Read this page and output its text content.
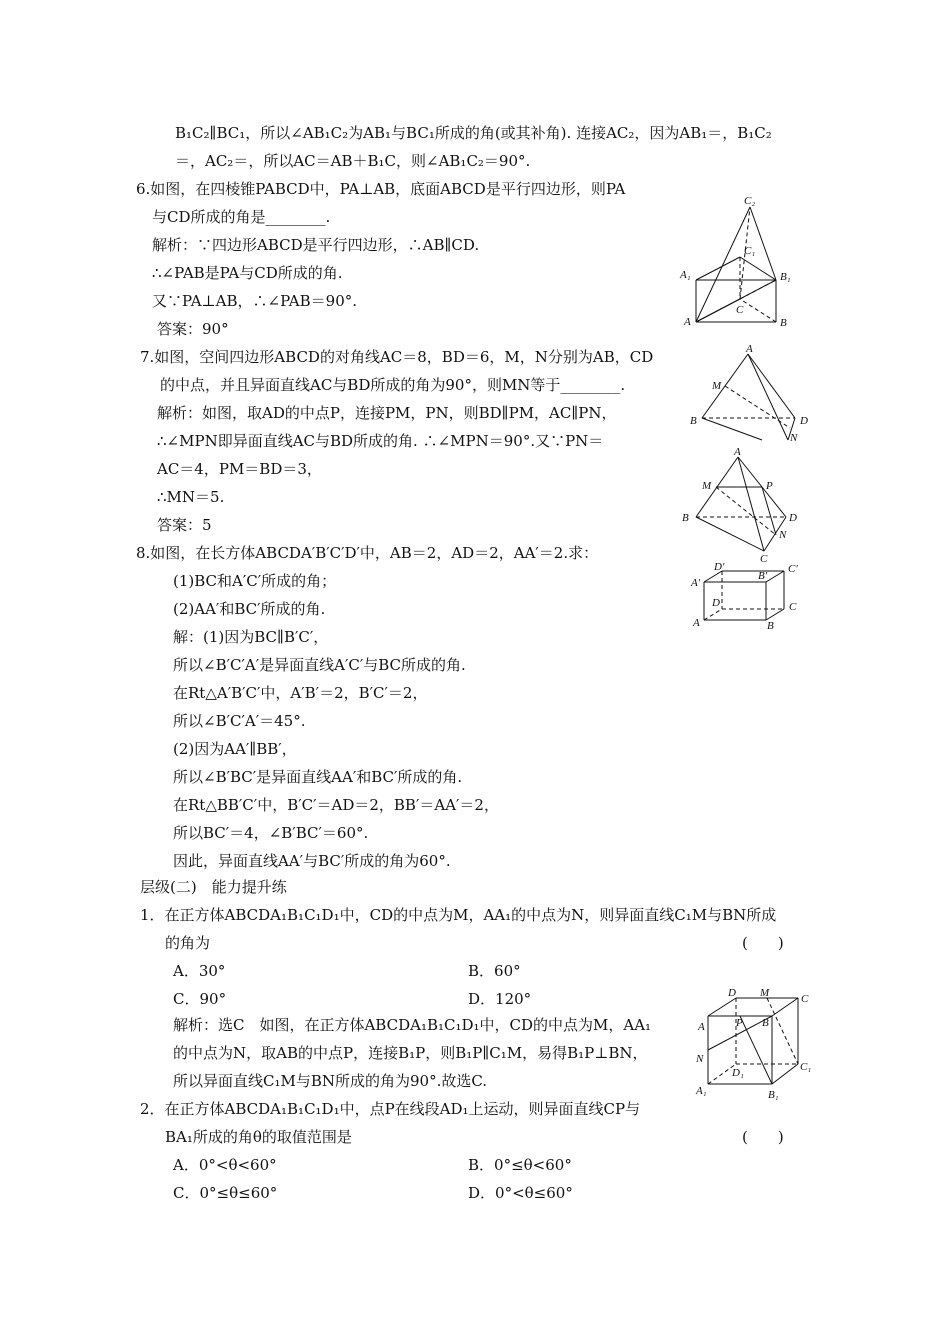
B₁C₂∥BC₁，所以∠AB₁C₂为AB₁与BC₁所成的角(或其补角). 连接AC₂，因为AB₁＝，B₁C₂
＝，AC₂＝，所以AC＝AB＋B₁C，则∠AB₁C₂＝90°.
6.如图，在四棱锥PABCD中，PA⊥AB，底面ABCD是平行四边形，则PA
与CD所成的角是________.
解析：∵四边形ABCD是平行四边形，∴AB∥CD.
∴∠PAB是PA与CD所成的角.
又∵PA⊥AB，∴∠PAB＝90°.
答案：90°
7.如图，空间四边形ABCD的对角线AC＝8，BD＝6，M，N分别为AB，CD
的中点，并且异面直线AC与BD所成的角为90°，则MN等于________.
解析：如图，取AD的中点P，连接PM，PN，则BD∥PM，AC∥PN，
∴∠MPN即异面直线AC与BD所成的角. ∴∠MPN＝90°.又∵PN＝
AC＝4，PM＝BD＝3，
∴MN＝5.
答案：5
8.如图，在长方体ABCDA′B′C′D′中，AB＝2，AD＝2，AA′＝2.求：
(1)BC和A′C′所成的角；
(2)AA′和BC′所成的角.
解：(1)因为BC∥B′C′，
所以∠B′C′A′是异面直线A′C′与BC所成的角.
在Rt△A′B′C′中，A′B′＝2，B′C′＝2，
所以∠B′C′A′＝45°.
(2)因为AA′∥BB′，
所以∠B′BC′是异面直线AA′和BC′所成的角.
在Rt△BB′C′中，B′C′＝AD＝2，BB′＝AA′＝2，
所以BC′＝4，∠B′BC′＝60°.
因此，异面直线AA′与BC′所成的角为60°.
层级(二)　能力提升练
1．在正方体ABCDA₁B₁C₁D₁中，CD的中点为M，AA₁的中点为N，则异面直线C₁M与BN所成
的角为	(　　)
A．30°	B．60°
C．90°	D．120°
解析：选C　如图，在正方体ABCDA₁B₁C₁D₁中，CD的中点为M，AA₁
的中点为N，取AB的中点P，连接B₁P，则B₁P∥C₁M，易得B₁P⊥BN，
所以异面直线C₁M与BN所成的角为90°.故选C.
2．在正方体ABCDA₁B₁C₁D₁中，点P在线段AD₁上运动，则异面直线CP与
BA₁所成的角θ的取值范围是	(　　)
A．0°<θ<60°	B．0°≤θ<60°
C．0°≤θ≤60°	D．0°<θ≤60°
C₂
C₁
A₁	B₁
A
C
B
A
M
B	D
N
A
M	P
B	D
N
C
D′
B′
C′
A′
D	C
A	B
D M	C
A	P B
N
D₁	C₁
A₁	B₁
